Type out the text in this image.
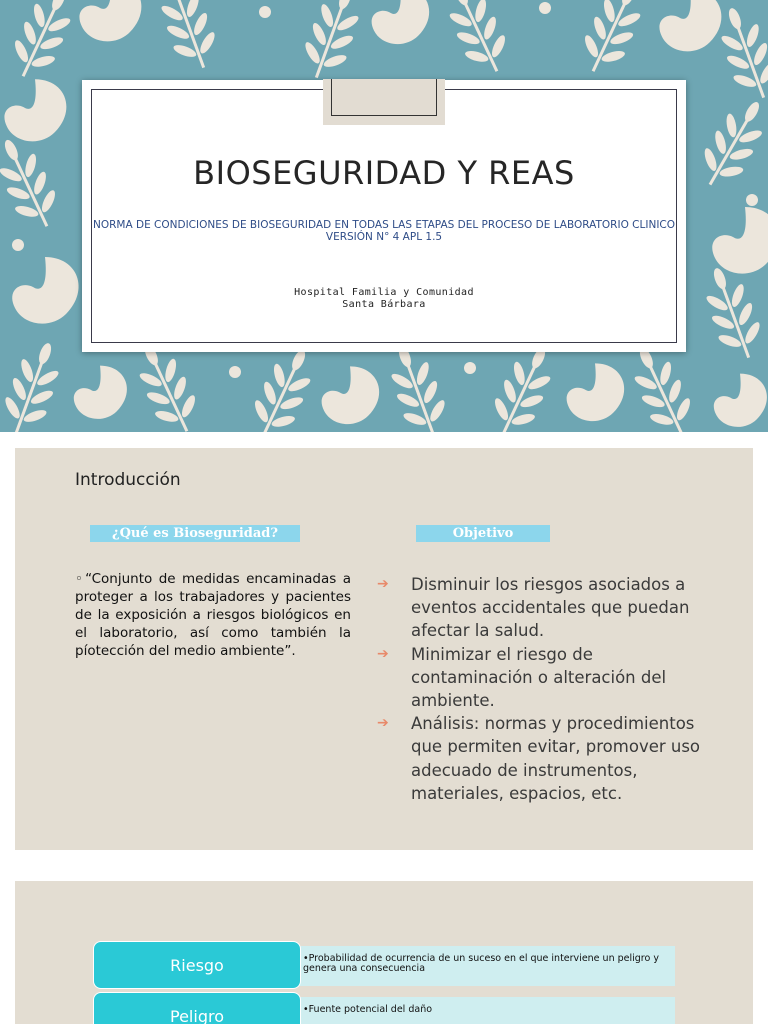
BIOSEGURIDAD Y REAS
NORMA DE CONDICIONES DE BIOSEGURIDAD EN TODAS LAS ETAPAS DEL PROCESO DE LABORATORIO CLINICO
VERSIÓN N° 4 APL 1.5
Hospital Familia y Comunidad
Santa Bárbara
Introducción
¿Qué es Bioseguridad?	Objetivo
◦“Conjunto de medidas encaminadas a proteger a los trabajadores y pacientes de la exposición a riesgos biológicos en el laboratorio, así como también la píotección del medio ambiente”.
➔ Disminuir los riesgos asociados a eventos accidentales que puedan afectar la salud.
➔ Minimizar el riesgo de contaminación o alteración del ambiente.
➔ Análisis: normas y procedimientos que permiten evitar, promover uso adecuado de instrumentos, materiales, espacios, etc.
•Probabilidad de ocurrencia de un suceso en el que interviene un peligro y genera una consecuencia
Riesgo
•Fuente potencial del daño
Peligro
